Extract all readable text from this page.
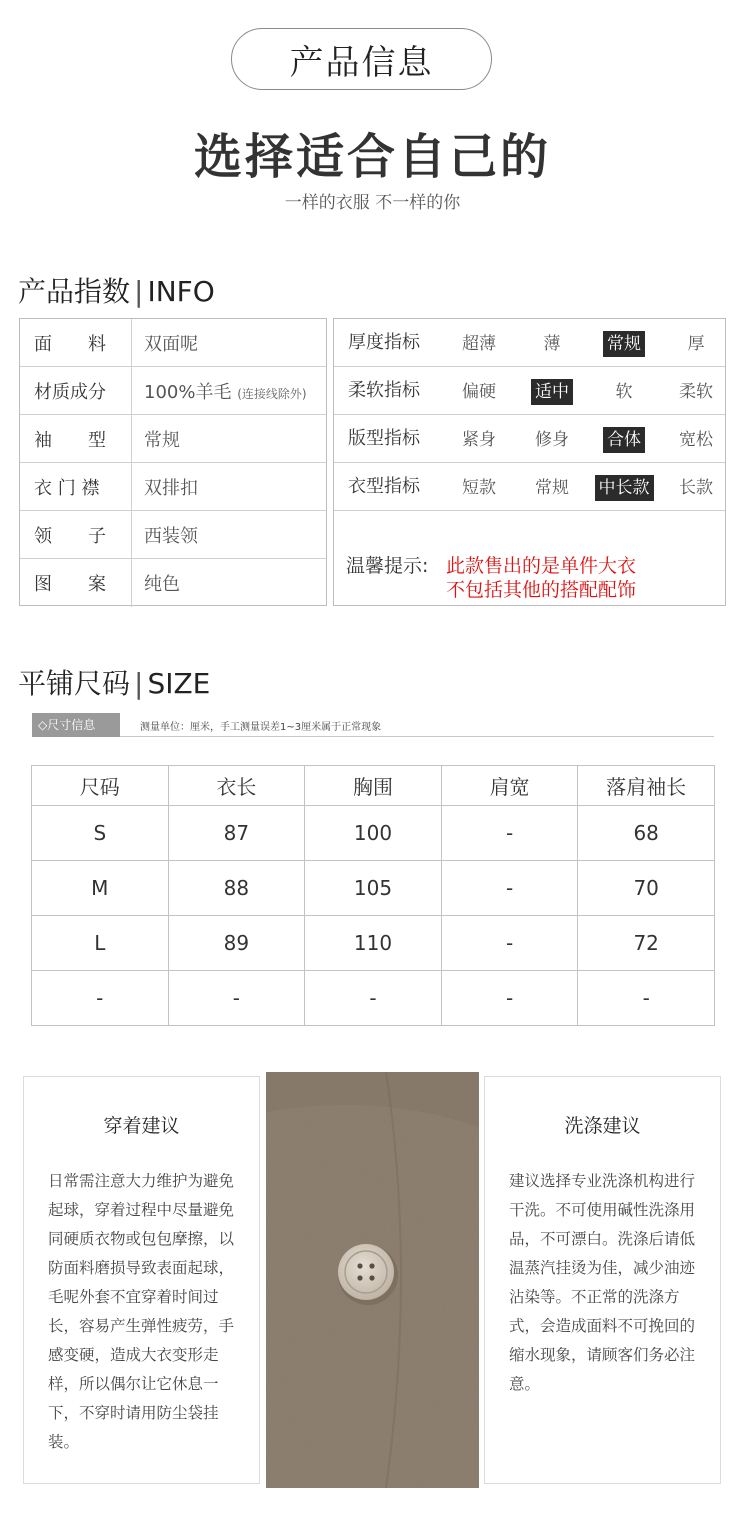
产品信息
选择适合自己的
一样的衣服 不一样的你
产品指数 | INFO
面　　料	双面呢
材质成分	100%羊毛 (连接线除外)
袖　　型	常规
衣 门 襟	双排扣
领　　子	西装领
图　　案	纯色
厚度指标 超薄	薄	常规	厚
柔软指标 偏硬 适中	软	柔软
版型指标 紧身 修身 合体 宽松
衣型指标 短款 常规 中长款 长款
温馨提示: 此款售出的是单件大衣
不包括其他的搭配配饰
平铺尺码 | SIZE
◇尺寸信息	测量单位：厘米，手工测量误差1~3厘米属于正常现象
尺码	衣长	胸围	肩宽	落肩袖长
S	87	100	-	68
M	88	105	-	70
L	89	110	-	72
-	-	-	-	-
穿着建议
日常需注意大力维护为避免起球，穿着过程中尽量避免同硬质衣物或包包摩擦，以防面料磨损导致表面起球，毛呢外套不宜穿着时间过长，容易产生弹性疲劳，手感变硬，造成大衣变形走样，所以偶尔让它休息一下，不穿时请用防尘袋挂装。
洗涤建议
建议选择专业洗涤机构进行干洗。不可使用碱性洗涤用品，不可漂白。洗涤后请低温蒸汽挂烫为佳，减少油迹沾染等。不正常的洗涤方式，会造成面料不可挽回的缩水现象，请顾客们务必注意。
